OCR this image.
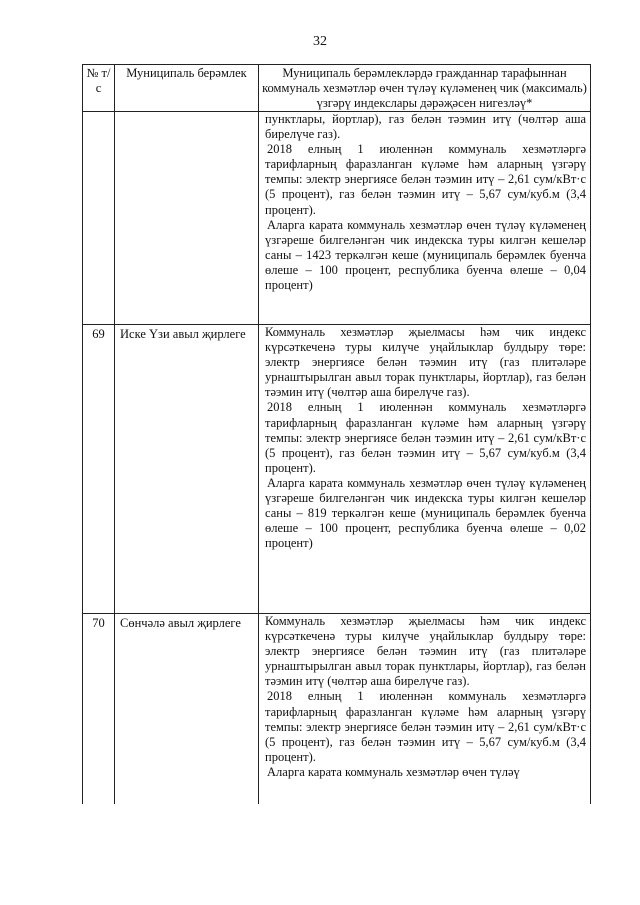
32
№ т/с	Муниципаль берәмлек	Муниципаль берәмлекләрдә гражданнар тарафыннан коммуналь хезмәтләр өчен түләү күләменең чик (максималь) үзгәрү индекслары дәрәҗәсен нигезләү*

		пунктлары, йортлар), газ белән тәэмин итү (чөлтәр аша бирелүче газ).

2018 елның 1 июленнән коммуналь хезмәтләргә тарифларның фаразланган күләме һәм аларның үзгәрү темпы: электр энергиясе белән тәэмин итү – 2,61 сум/кВт·с (5 процент), газ белән тәэмин итү – 5,67 сум/куб.м (3,4 процент).

Аларга карата коммуналь хезмәтләр өчен түләү күләменең үзгәреше билгеләнгән чик индекска туры килгән кешеләр саны – 1423 теркәлгән кеше (муниципаль берәмлек буенча өлеше – 100 процент, республика буенча өлеше – 0,04 процент)

69	Иске Үзи авыл җирлеге	Коммуналь хезмәтләр җыелмасы һәм чик индекс күрсәткеченә туры килүче уңайлыклар булдыру төре: электр энергиясе белән тәэмин итү (газ плитәләре урнаштырылган авыл торак пунктлары, йортлар), газ белән тәэмин итү (чөлтәр аша бирелүче газ).

2018 елның 1 июленнән коммуналь хезмәтләргә тарифларның фаразланган күләме һәм аларның үзгәрү темпы: электр энергиясе белән тәэмин итү – 2,61 сум/кВт·с (5 процент), газ белән тәэмин итү – 5,67 сум/куб.м (3,4 процент).

Аларга карата коммуналь хезмәтләр өчен түләү күләменең үзгәреше билгеләнгән чик индекска туры килгән кешеләр саны – 819 теркәлгән кеше (муниципаль берәмлек буенча өлеше – 100 процент, республика буенча өлеше – 0,02 процент)

70	Сөнчәлә авыл җирлеге	Коммуналь хезмәтләр җыелмасы һәм чик индекс күрсәткеченә туры килүче уңайлыклар булдыру төре: электр энергиясе белән тәэмин итү (газ плитәләре урнаштырылган авыл торак пунктлары, йортлар), газ белән тәэмин итү (чөлтәр аша бирелүче газ).

2018 елның 1 июленнән коммуналь хезмәтләргә тарифларның фаразланган күләме һәм аларның үзгәрү темпы: электр энергиясе белән тәэмин итү – 2,61 сум/кВт·с (5 процент), газ белән тәэмин итү – 5,67 сум/куб.м (3,4 процент).

Аларга карата коммуналь хезмәтләр өчен түләү
